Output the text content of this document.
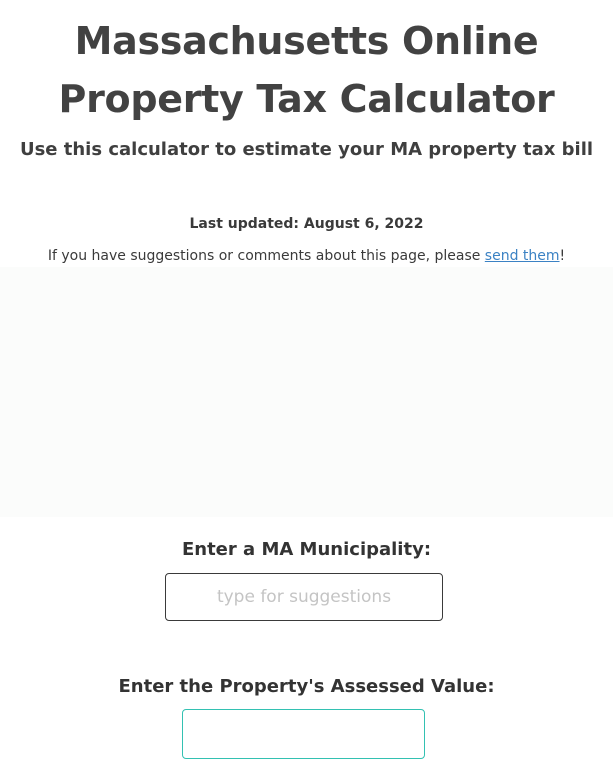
Massachusetts Online Property Tax Calculator
Use this calculator to estimate your MA property tax bill
Last updated: August 6, 2022
If you have suggestions or comments about this page, please send them!
Enter a MA Municipality:
type for suggestions
Enter the Property's Assessed Value:
